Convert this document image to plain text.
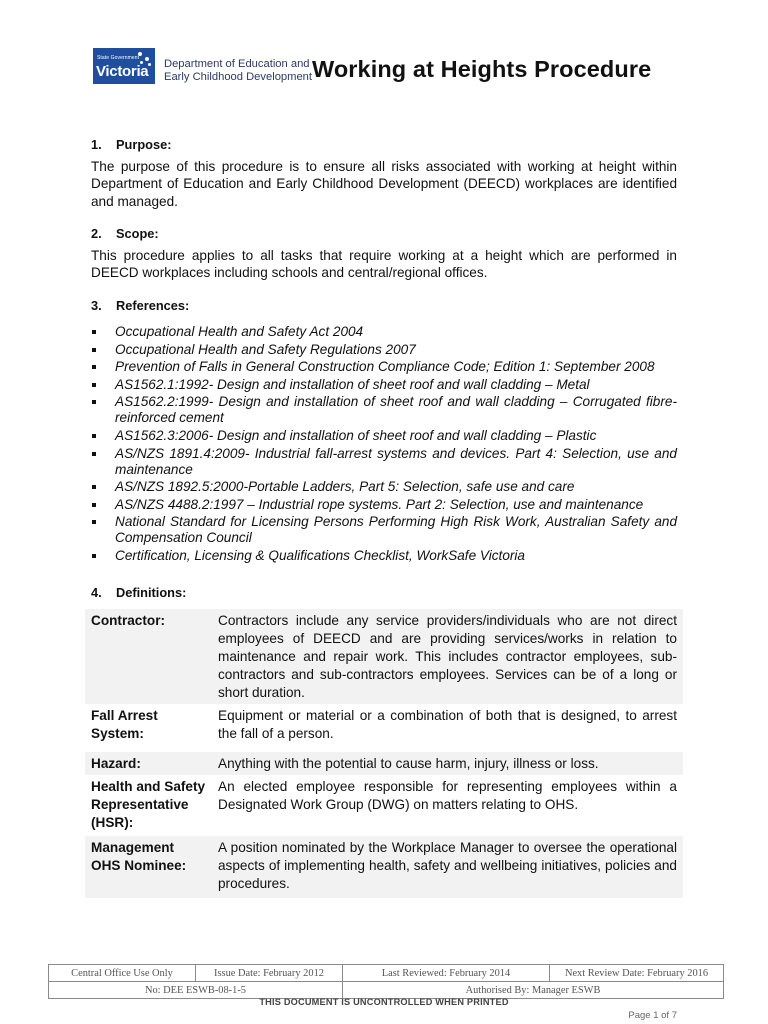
State Government
Victoria Department of Education and
Early Childhood Development Working at Heights Procedure
1.	Purpose:

The purpose of this procedure is to ensure all risks associated with working at height within Department of Education and Early Childhood Development (DEECD) workplaces are identified and managed.

2.	Scope:

This procedure applies to all tasks that require working at a height which are performed in DEECD workplaces including schools and central/regional offices.

3.	References:
Occupational Health and Safety Act 2004
Occupational Health and Safety Regulations 2007
Prevention of Falls in General Construction Compliance Code; Edition 1: September 2008
AS1562.1:1992- Design and installation of sheet roof and wall cladding – Metal
AS1562.2:1999- Design and installation of sheet roof and wall cladding – Corrugated fibre-reinforced cement
AS1562.3:2006- Design and installation of sheet roof and wall cladding – Plastic
AS/NZS 1891.4:2009- Industrial fall-arrest systems and devices. Part 4: Selection, use and maintenance
AS/NZS 1892.5:2000-Portable Ladders, Part 5: Selection, safe use and care
AS/NZS 4488.2:1997 – Industrial rope systems. Part 2: Selection, use and maintenance
National Standard for Licensing Persons Performing High Risk Work, Australian Safety and Compensation Council
Certification, Licensing & Qualifications Checklist, WorkSafe Victoria
4.	Definitions:
Contractor:	Contractors include any service providers/individuals who are not direct employees of DEECD and are providing services/works in relation to maintenance and repair work. This includes contractor employees, sub-contractors and sub-contractors employees. Services can be of a long or short duration.
Fall Arrest System:	Equipment or material or a combination of both that is designed, to arrest the fall of a person.
Hazard:	Anything with the potential to cause harm, injury, illness or loss.
Health and Safety Representative (HSR):	An elected employee responsible for representing employees within a Designated Work Group (DWG) on matters relating to OHS.
Management OHS Nominee:	A position nominated by the Workplace Manager to oversee the operational aspects of implementing health, safety and wellbeing initiatives, policies and procedures.
Central Office Use Only	Issue Date: February 2012	Last Reviewed: February 2014	Next Review Date: February 2016
No: DEE ESWB-08-1-5		Authorised By: Manager ESWB	
THIS DOCUMENT IS UNCONTROLLED WHEN PRINTED
Page 1 of 7
